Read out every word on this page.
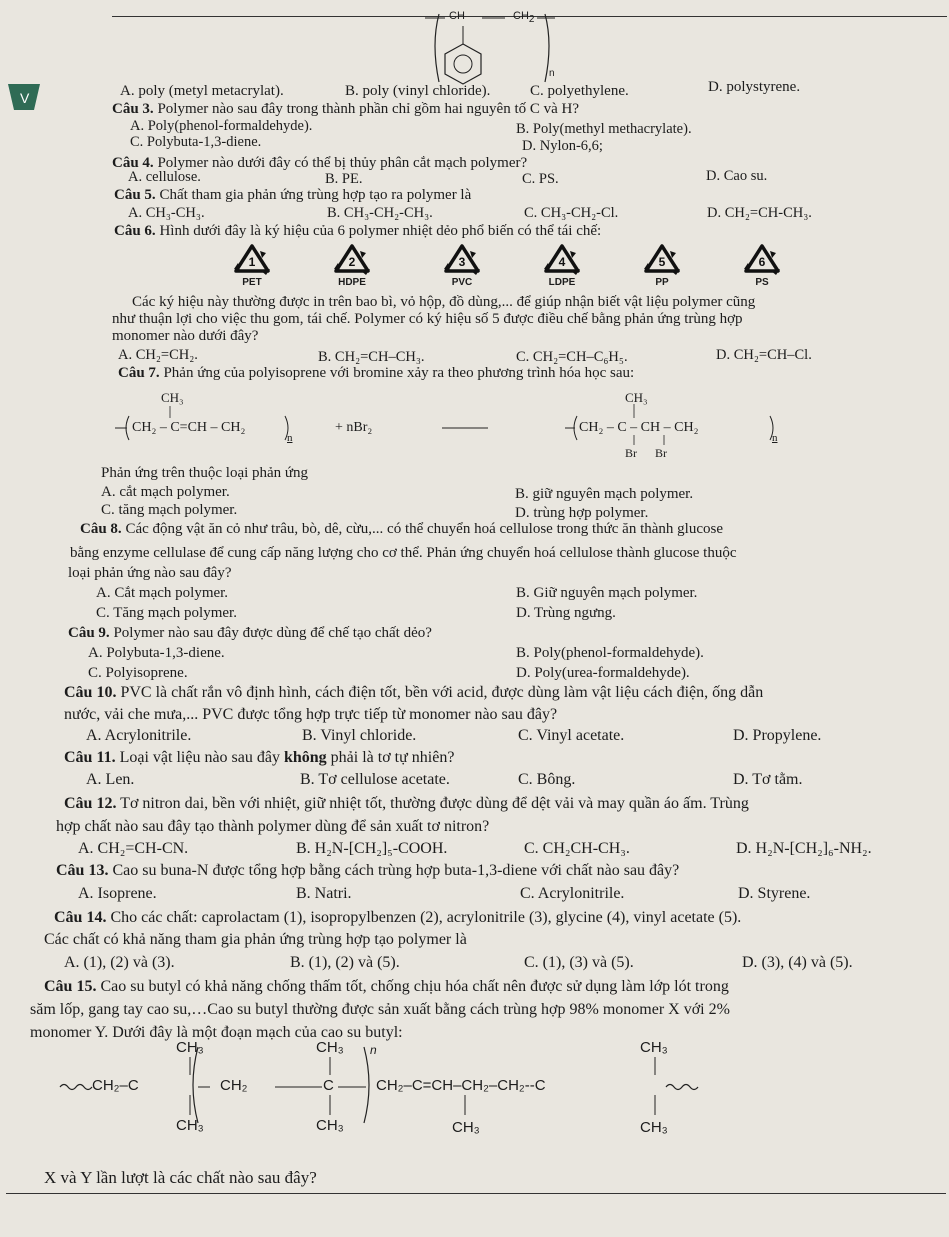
CH	$CH_2$
n
V	A. poly (metyl metacrylat).	B. poly (vinyl chloride).	C. polyethylene.	D. polystyrene.
Câu 3. Polymer nào sau đây trong thành phần chỉ gồm hai nguyên tố C và H?
A. Poly(phenol-formaldehyde).	B. Poly(methyl methacrylate).
C. Polybuta-1,3-diene.	D. Nylon-6,6;
Câu 4. Polymer nào dưới đây có thể bị thủy phân cắt mạch polymer?
A. cellulose.	B. PE.	C. PS.	D. Cao su.
Câu 5. Chất tham gia phản ứng trùng hợp tạo ra polymer là
A. CH₃-CH₃.	B. CH₃-CH₂-CH₃.	C. CH₃-CH₂-Cl.	D. CH₂=CH-CH₃.
Câu 6. Hình dưới đây là ký hiệu của 6 polymer nhiệt dẻo phổ biến có thể tái chế:
1
PET
2
HDPE
3
PVC
4
LDPE
5
PP
6
PS
Các ký hiệu này thường được in trên bao bì, vỏ hộp, đồ dùng,... để giúp nhận biết vật liệu polymer cũng
như thuận lợi cho việc thu gom, tái chế. Polymer có ký hiệu số 5 được điều chế bằng phản ứng trùng hợp
monomer nào dưới đây?
A. CH₂=CH₂.	B. CH₂=CH–CH₃.	C. CH₂=CH–C₆H₅.	D. CH₂=CH–Cl.
Câu 7. Phản ứng của polyisoprene với bromine xảy ra theo phương trình hóa học sau:
CH₃
CH₂ – C=CH – CH₂
n
+ nBr₂
CH₃
CH₂ – C – CH – CH₂
n
Br Br
Phản ứng trên thuộc loại phản ứng
A. cắt mạch polymer.	B. giữ nguyên mạch polymer.
C. tăng mạch polymer.	D. trùng hợp polymer.
Câu 8. Các động vật ăn cỏ như trâu, bò, dê, cừu,... có thể chuyển hoá cellulose trong thức ăn thành glucose
bằng enzyme cellulase để cung cấp năng lượng cho cơ thể. Phản ứng chuyển hoá cellulose thành glucose thuộc
loại phản ứng nào sau đây?
A. Cắt mạch polymer.	B. Giữ nguyên mạch polymer.
C. Tăng mạch polymer.	D. Trùng ngưng.
Câu 9. Polymer nào sau đây được dùng để chế tạo chất dẻo?
A. Polybuta-1,3-diene.	B. Poly(phenol-formaldehyde).
C. Polyisoprene.	D. Poly(urea-formaldehyde).
Câu 10. PVC là chất rắn vô định hình, cách điện tốt, bền với acid, được dùng làm vật liệu cách điện, ống dẫn
nước, vải che mưa,... PVC được tổng hợp trực tiếp từ monomer nào sau đây?
A. Acrylonitrile.	B. Vinyl chloride.	C. Vinyl acetate.	D. Propylene.
Câu 11. Loại vật liệu nào sau đây không phải là tơ tự nhiên?
A. Len.	B. Tơ cellulose acetate.	C. Bông.	D. Tơ tằm.
Câu 12. Tơ nitron dai, bền với nhiệt, giữ nhiệt tốt, thường được dùng để dệt vải và may quần áo ấm. Trùng
hợp chất nào sau đây tạo thành polymer dùng để sản xuất tơ nitron?
A. CH₂=CH-CN.	B. H₂N-[CH₂]₅-COOH.	C. CH₂CH-CH₃.	D. H₂N-[CH₂]₆-NH₂.
Câu 13. Cao su buna-N được tổng hợp bằng cách trùng hợp buta-1,3-diene với chất nào sau đây?
A. Isoprene.	B. Natri.	C. Acrylonitrile.	D. Styrene.
Câu 14. Cho các chất: caprolactam (1), isopropylbenzen (2), acrylonitrile (3), glycine (4), vinyl acetate (5).
Các chất có khả năng tham gia phản ứng trùng hợp tạo polymer là
A. (1), (2) và (3).	B. (1), (2) và (5).	C. (1), (3) và (5).	D. (3), (4) và (5).
Câu 15. Cao su butyl có khả năng chống thấm tốt, chống chịu hóa chất nên được sử dụng làm lớp lót trong
săm lốp, gang tay cao su,…Cao su butyl thường được sản xuất bằng cách trùng hợp 98% monomer X với 2%
monomer Y. Dưới đây là một đoạn mạch của cao su butyl:
CH₃
CH₂–C
CH₃
CH₂
CH₃
C
CH₃
n
CH₂–C=CH–CH₂–CH₂--C
CH₃
CH₃
CH₃
X và Y lần lượt là các chất nào sau đây?
